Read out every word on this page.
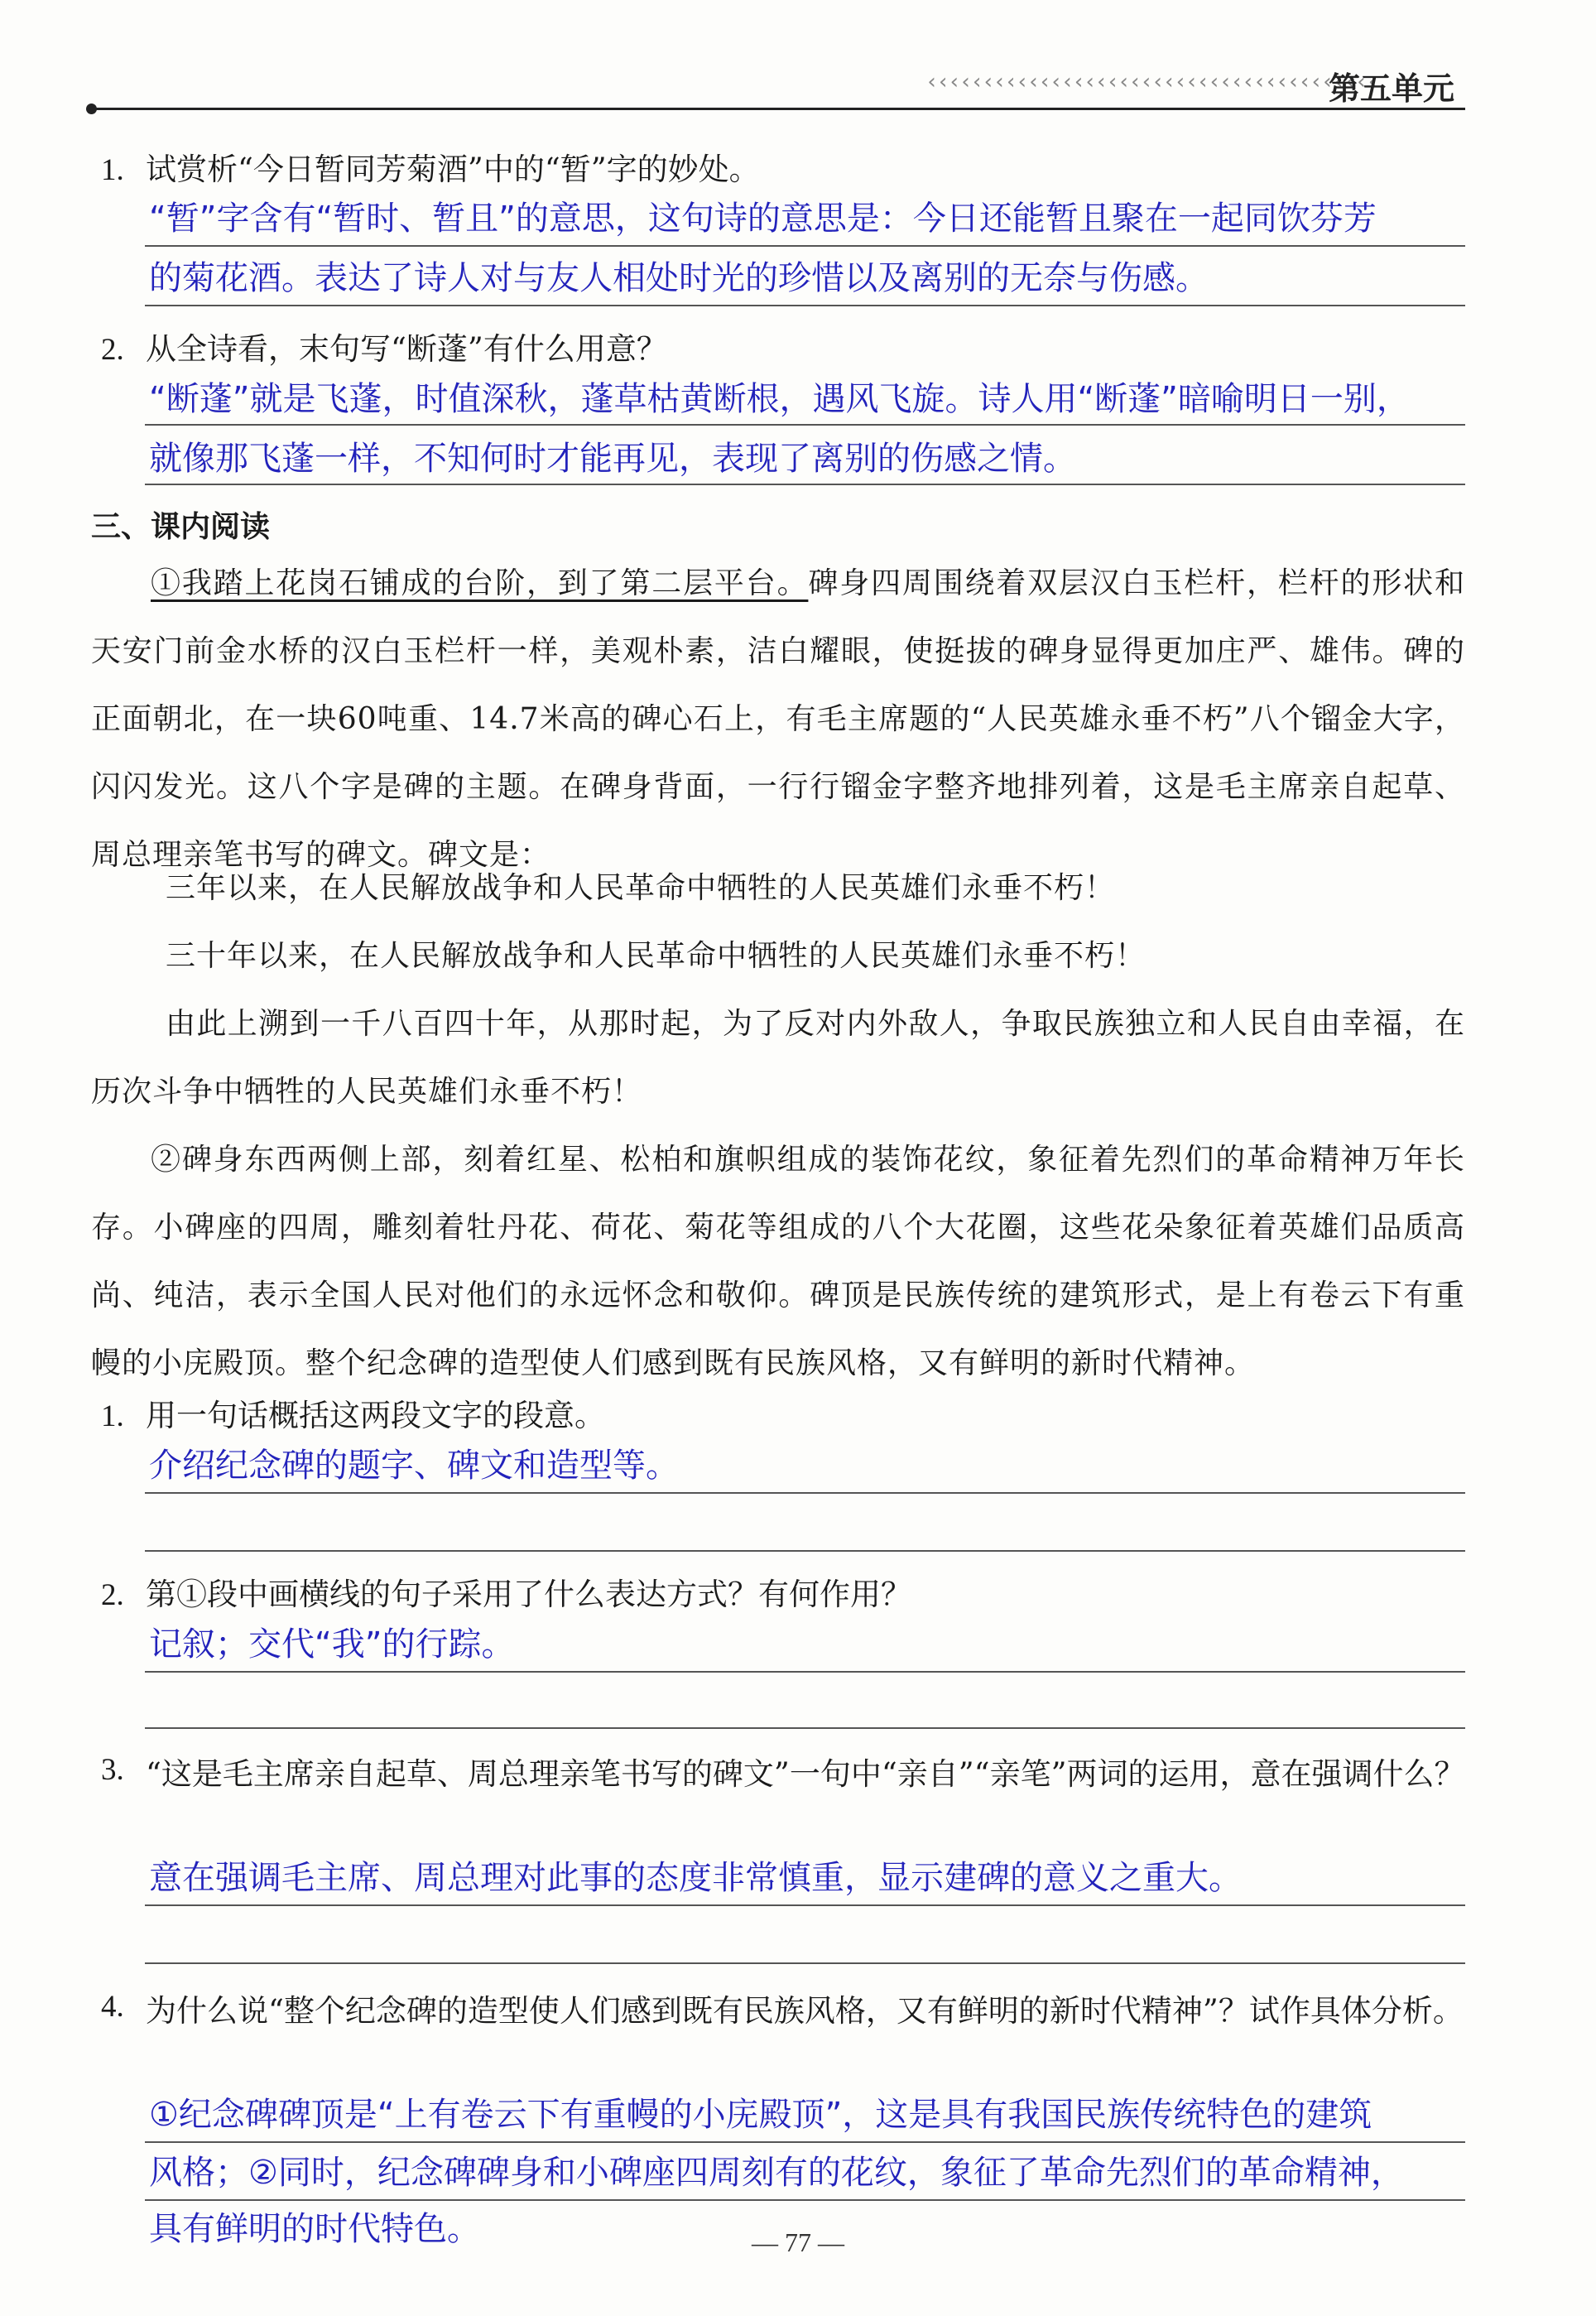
‹‹‹‹‹‹‹‹‹‹‹‹‹‹‹‹‹‹‹‹‹‹‹‹‹‹‹‹‹‹‹‹‹‹‹‹‹‹‹‹
第五单元
1. 试赏析“今日暂同芳菊酒”中的“暂”字的妙处。
“暂”字含有“暂时、暂且”的意思，这句诗的意思是：今日还能暂且聚在一起同饮芬芳
的菊花酒。表达了诗人对与友人相处时光的珍惜以及离别的无奈与伤感。
2. 从全诗看，末句写“断蓬”有什么用意？
“断蓬”就是飞蓬，时值深秋，蓬草枯黄断根，遇风飞旋。诗人用“断蓬”暗喻明日一别，
就像那飞蓬一样，不知何时才能再见，表现了离别的伤感之情。
三、课内阅读
①我踏上花岗石铺成的台阶，到了第二层平台。碑身四周围绕着双层汉白玉栏杆，栏杆的形状和天安门前金水桥的汉白玉栏杆一样，美观朴素，洁白耀眼，使挺拔的碑身显得更加庄严、雄伟。碑的正面朝北，在一块60吨重、14.7米高的碑心石上，有毛主席题的“人民英雄永垂不朽”八个镏金大字，闪闪发光。这八个字是碑的主题。在碑身背面，一行行镏金字整齐地排列着，这是毛主席亲自起草、周总理亲笔书写的碑文。碑文是：
三年以来，在人民解放战争和人民革命中牺牲的人民英雄们永垂不朽！
三十年以来，在人民解放战争和人民革命中牺牲的人民英雄们永垂不朽！
由此上溯到一千八百四十年，从那时起，为了反对内外敌人，争取民族独立和人民自由幸福，在历次斗争中牺牲的人民英雄们永垂不朽！
②碑身东西两侧上部，刻着红星、松柏和旗帜组成的装饰花纹，象征着先烈们的革命精神万年长存。小碑座的四周，雕刻着牡丹花、荷花、菊花等组成的八个大花圈，这些花朵象征着英雄们品质高尚、纯洁，表示全国人民对他们的永远怀念和敬仰。碑顶是民族传统的建筑形式，是上有卷云下有重幔的小庑殿顶。整个纪念碑的造型使人们感到既有民族风格，又有鲜明的新时代精神。
1. 用一句话概括这两段文字的段意。
介绍纪念碑的题字、碑文和造型等。
2. 第①段中画横线的句子采用了什么表达方式？有何作用？
记叙；交代“我”的行踪。
3. “这是毛主席亲自起草、周总理亲笔书写的碑文”一句中“亲自”“亲笔”两词的运用，意在强调什么？
意在强调毛主席、周总理对此事的态度非常慎重，显示建碑的意义之重大。
4. 为什么说“整个纪念碑的造型使人们感到既有民族风格，又有鲜明的新时代精神”？试作具体分析。
①纪念碑碑顶是“上有卷云下有重幔的小庑殿顶”，这是具有我国民族传统特色的建筑
风格；②同时，纪念碑碑身和小碑座四周刻有的花纹，象征了革命先烈们的革命精神，
具有鲜明的时代特色。	— 77 —
